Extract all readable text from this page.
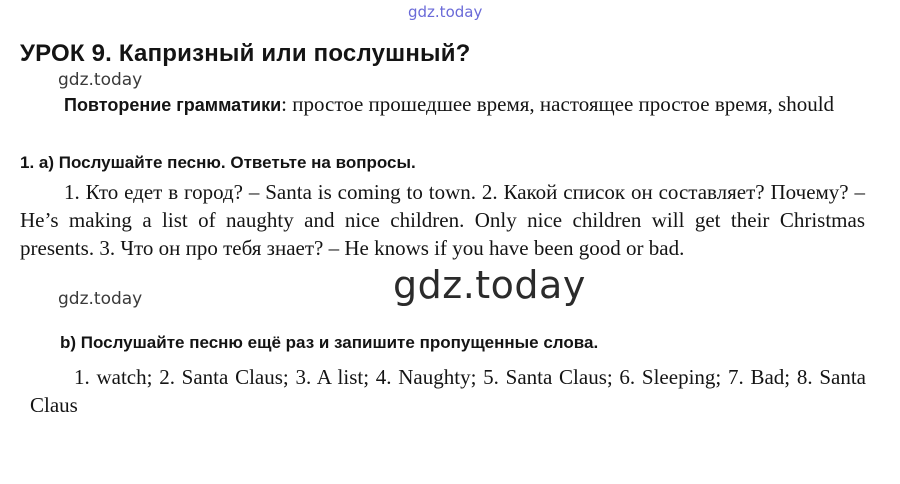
gdz.today
УРОК 9. Капризный или послушный?
gdz.today

Повторение грамматики: простое прошедшее время, настоящее простое время, should

1. а) Послушайте песню. Ответьте на вопросы.

1. Кто едет в город? – Santa is coming to town. 2. Какой список он составляет? Почему? – He’s making a list of naughty and nice children. Only nice children will get their Christmas presents. 3. Что он про тебя знает? – He knows if you have been good or bad.

gdz.today
gdz.today

b) Послушайте песню ещё раз и запишите пропущенные слова.

1. watch; 2. Santa Claus; 3. A list; 4. Naughty; 5. Santa Claus; 6. Sleeping; 7. Bad; 8. Santa Claus
